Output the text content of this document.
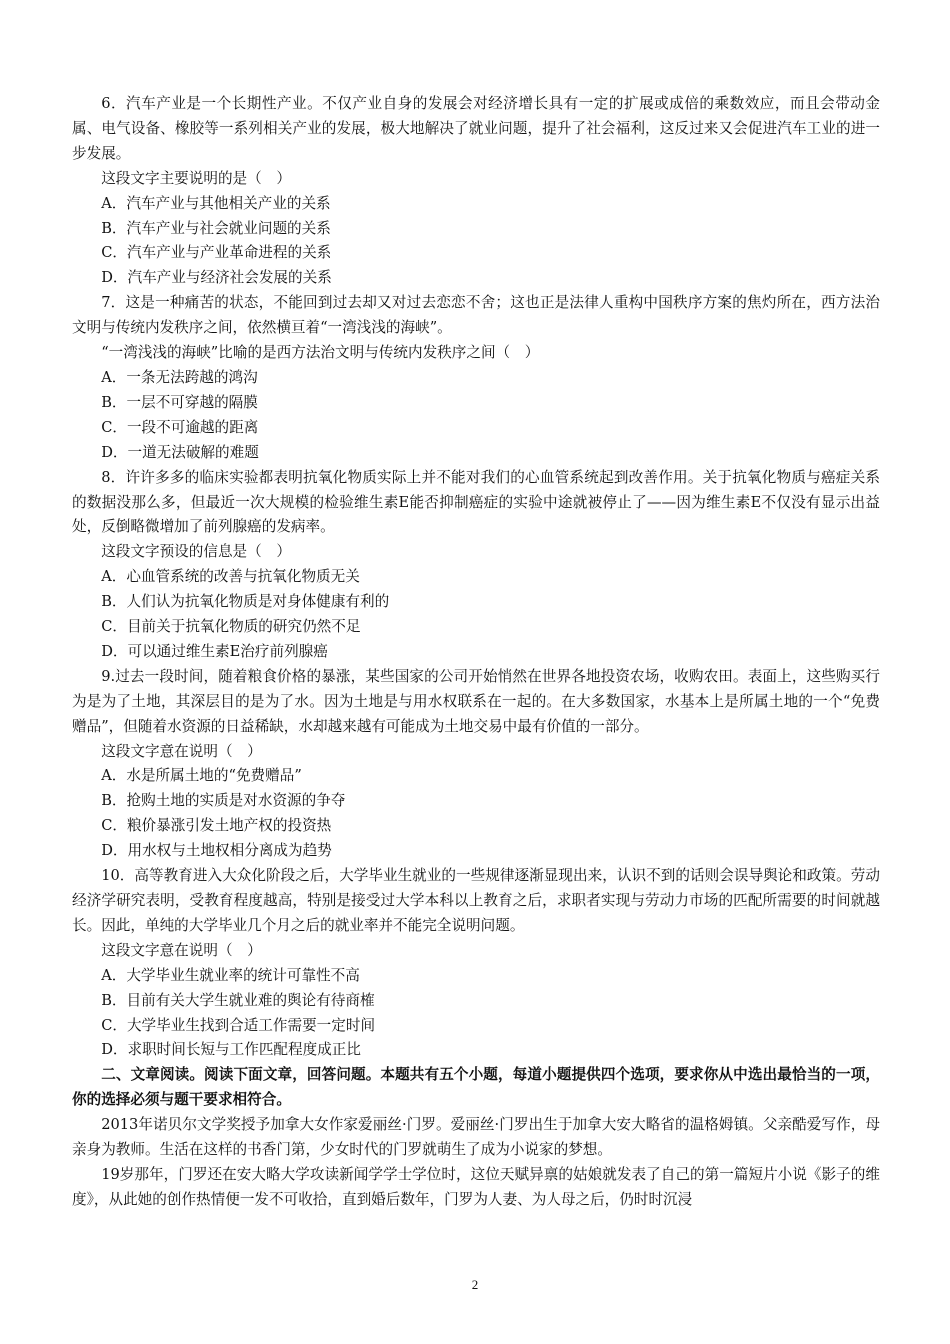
6．汽车产业是一个长期性产业。不仅产业自身的发展会对经济增长具有一定的扩展或成倍的乘数效应，而且会带动金属、电气设备、橡胶等一系列相关产业的发展，极大地解决了就业问题，提升了社会福利，这反过来又会促进汽车工业的进一步发展。

这段文字主要说明的是（　）

A．汽车产业与其他相关产业的关系

B．汽车产业与社会就业问题的关系

C．汽车产业与产业革命进程的关系

D．汽车产业与经济社会发展的关系

7．这是一种痛苦的状态，不能回到过去却又对过去恋恋不舍；这也正是法律人重构中国秩序方案的焦灼所在，西方法治文明与传统内发秩序之间，依然横亘着“一湾浅浅的海峡”。

“一湾浅浅的海峡”比喻的是西方法治文明与传统内发秩序之间（　）

A．一条无法跨越的鸿沟

B．一层不可穿越的隔膜

C．一段不可逾越的距离

D．一道无法破解的难题

8．许许多多的临床实验都表明抗氧化物质实际上并不能对我们的心血管系统起到改善作用。关于抗氧化物质与癌症关系的数据没那么多，但最近一次大规模的检验维生素E能否抑制癌症的实验中途就被停止了——因为维生素E不仅没有显示出益处，反倒略微增加了前列腺癌的发病率。

这段文字预设的信息是（　）

A．心血管系统的改善与抗氧化物质无关

B．人们认为抗氧化物质是对身体健康有利的

C．目前关于抗氧化物质的研究仍然不足

D．可以通过维生素E治疗前列腺癌

9.过去一段时间，随着粮食价格的暴涨，某些国家的公司开始悄然在世界各地投资农场，收购农田。表面上，这些购买行为是为了土地，其深层目的是为了水。因为土地是与用水权联系在一起的。在大多数国家，水基本上是所属土地的一个“免费赠品”，但随着水资源的日益稀缺，水却越来越有可能成为土地交易中最有价值的一部分。

这段文字意在说明（　）

A．水是所属土地的“免费赠品”

B．抢购土地的实质是对水资源的争夺

C．粮价暴涨引发土地产权的投资热

D．用水权与土地权相分离成为趋势

10．高等教育进入大众化阶段之后，大学毕业生就业的一些规律逐渐显现出来，认识不到的话则会误导舆论和政策。劳动经济学研究表明，受教育程度越高，特别是接受过大学本科以上教育之后，求职者实现与劳动力市场的匹配所需要的时间就越长。因此，单纯的大学毕业几个月之后的就业率并不能完全说明问题。

这段文字意在说明（　）

A．大学毕业生就业率的统计可靠性不高

B．目前有关大学生就业难的舆论有待商榷

C．大学毕业生找到合适工作需要一定时间

D．求职时间长短与工作匹配程度成正比

二、文章阅读。阅读下面文章，回答问题。本题共有五个小题，每道小题提供四个选项，要求你从中选出最恰当的一项，你的选择必须与题干要求相符合。

2013年诺贝尔文学奖授予加拿大女作家爱丽丝·门罗。爱丽丝·门罗出生于加拿大安大略省的温格姆镇。父亲酷爱写作，母亲身为教师。生活在这样的书香门第，少女时代的门罗就萌生了成为小说家的梦想。

19岁那年，门罗还在安大略大学攻读新闻学学士学位时，这位天赋异禀的姑娘就发表了自己的第一篇短片小说《影子的维度》，从此她的创作热情便一发不可收拾，直到婚后数年，门罗为人妻、为人母之后，仍时时沉浸

2
